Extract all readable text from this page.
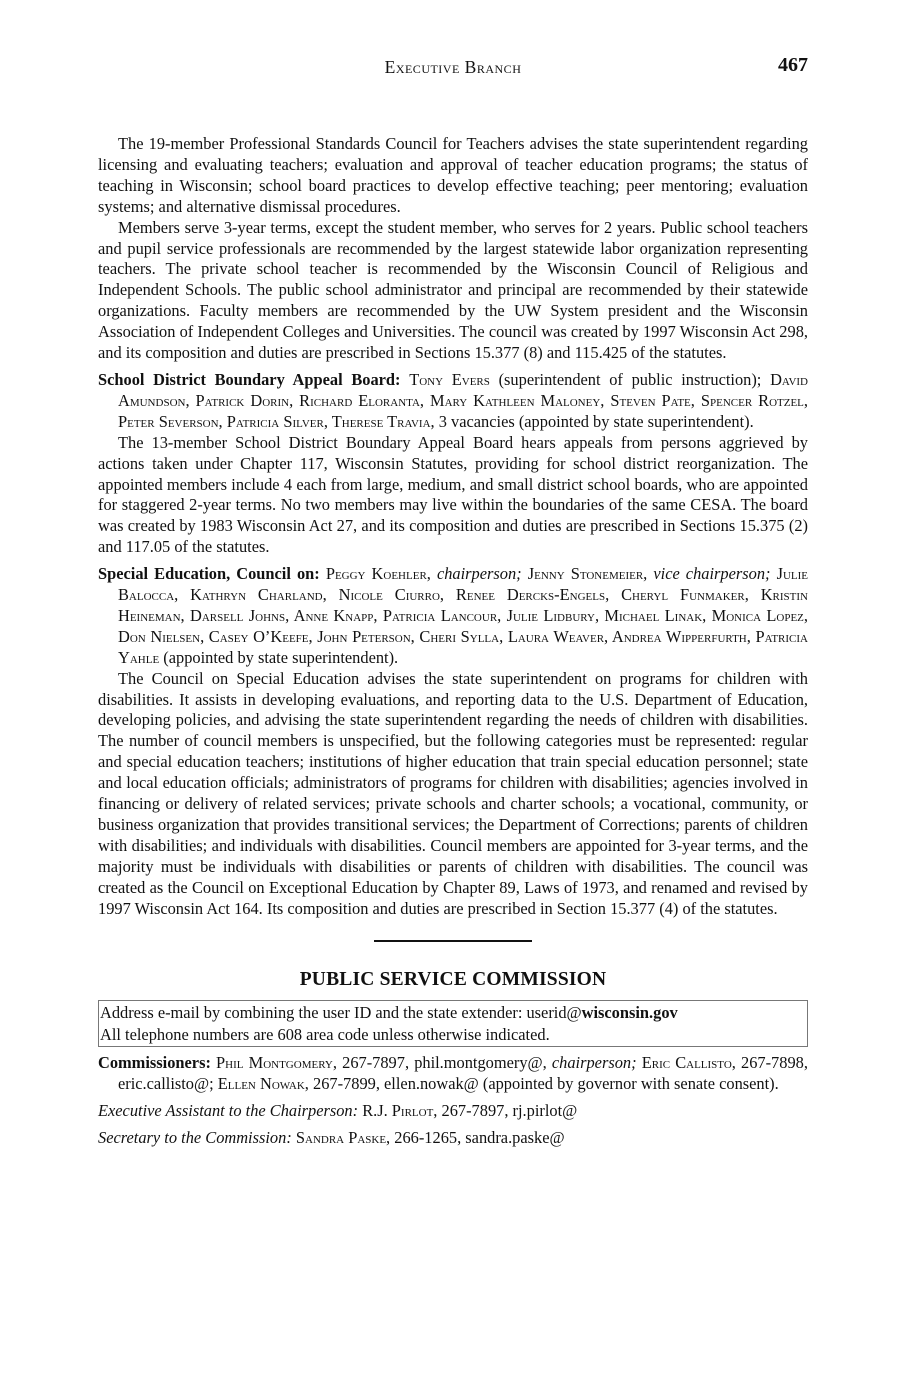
Executive Branch	467

The 19-member Professional Standards Council for Teachers advises the state superintendent regarding licensing and evaluating teachers; evaluation and approval of teacher education programs; the status of teaching in Wisconsin; school board practices to develop effective teaching; peer mentoring; evaluation systems; and alternative dismissal procedures.

Members serve 3-year terms, except the student member, who serves for 2 years. Public school teachers and pupil service professionals are recommended by the largest statewide labor organization representing teachers. The private school teacher is recommended by the Wisconsin Council of Religious and Independent Schools. The public school administrator and principal are recommended by their statewide organizations. Faculty members are recommended by the UW System president and the Wisconsin Association of Independent Colleges and Universities. The council was created by 1997 Wisconsin Act 298, and its composition and duties are prescribed in Sections 15.377 (8) and 115.425 of the statutes.

School District Boundary Appeal Board: Tony Evers (superintendent of public instruction); David Amundson, Patrick Dorin, Richard Eloranta, Mary Kathleen Maloney, Steven Pate, Spencer Rotzel, Peter Severson, Patricia Silver, Therese Travia, 3 vacancies (appointed by state superintendent).

The 13-member School District Boundary Appeal Board hears appeals from persons aggrieved by actions taken under Chapter 117, Wisconsin Statutes, providing for school district reorganization. The appointed members include 4 each from large, medium, and small district school boards, who are appointed for staggered 2-year terms. No two members may live within the boundaries of the same CESA. The board was created by 1983 Wisconsin Act 27, and its composition and duties are prescribed in Sections 15.375 (2) and 117.05 of the statutes.

Special Education, Council on: Peggy Koehler, chairperson; Jenny Stonemeier, vice chairperson; Julie Balocca, Kathryn Charland, Nicole Ciurro, Renee Dercks-Engels, Cheryl Funmaker, Kristin Heineman, Darsell Johns, Anne Knapp, Patricia Lancour, Julie Lidbury, Michael Linak, Monica Lopez, Don Nielsen, Casey O’Keefe, John Peterson, Cheri Sylla, Laura Weaver, Andrea Wipperfurth, Patricia Yahle (appointed by state superintendent).

The Council on Special Education advises the state superintendent on programs for children with disabilities. It assists in developing evaluations, and reporting data to the U.S. Department of Education, developing policies, and advising the state superintendent regarding the needs of children with disabilities. The number of council members is unspecified, but the following categories must be represented: regular and special education teachers; institutions of higher education that train special education personnel; state and local education officials; administrators of programs for children with disabilities; agencies involved in financing or delivery of related services; private schools and charter schools; a vocational, community, or business organization that provides transitional services; the Department of Corrections; parents of children with disabilities; and individuals with disabilities. Council members are appointed for 3-year terms, and the majority must be individuals with disabilities or parents of children with disabilities. The council was created as the Council on Exceptional Education by Chapter 89, Laws of 1973, and renamed and revised by 1997 Wisconsin Act 164. Its composition and duties are prescribed in Section 15.377 (4) of the statutes.

PUBLIC SERVICE COMMISSION

Address e-mail by combining the user ID and the state extender: userid@wisconsin.gov

All telephone numbers are 608 area code unless otherwise indicated.

Commissioners: Phil Montgomery, 267-7897, phil.montgomery@, chairperson; Eric Callisto, 267-7898, eric.callisto@; Ellen Nowak, 267-7899, ellen.nowak@ (appointed by governor with senate consent).

Executive Assistant to the Chairperson: R.J. Pirlot, 267-7897, rj.pirlot@

Secretary to the Commission: Sandra Paske, 266-1265, sandra.paske@
